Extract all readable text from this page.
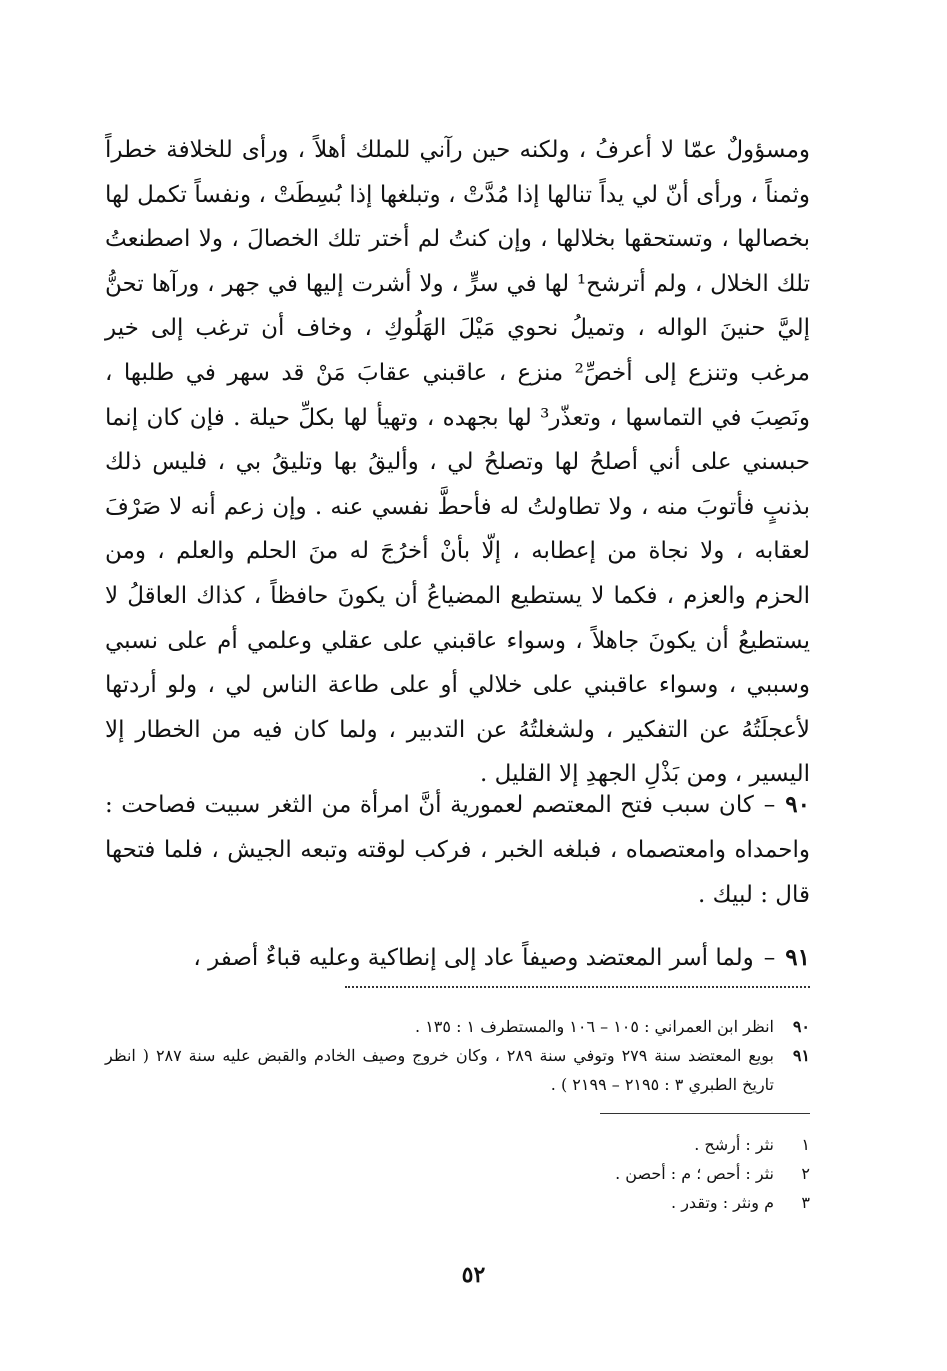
ومسؤولٌ عمّا لا أعرفُ ، ولكنه حين رآني للملك أهلاً ، ورأى للخلافة خطراً وثمناً ، ورأى أنّ لي يداً تنالها إذا مُدَّتْ ، وتبلغها إذا بُسِطَتْ ، ونفساً تكمل لها بخصالها ، وتستحقها بخلالها ، وإن كنتُ لم أختر تلك الخصالَ ، ولا اصطنعتُ تلك الخلال ، ولم أترشح¹ لها في سرٍّ ، ولا أشرت إليها في جهر ، ورآها تحنُّ إليَّ حنينَ الواله ، وتميلُ نحوي مَيْلَ الهَلُوكِ ، وخاف أن ترغب إلى خير مرغب وتنزع إلى أخصِّ² منزع ، عاقبني عقابَ مَنْ قد سهر في طلبها ، ونَصِبَ في التماسها ، وتعذّر³ لها بجهده ، وتهيأ لها بكلِّ حيلة . فإن كان إنما حبسني على أني أصلحُ لها وتصلحُ لي ، وأليقُ بها وتليقُ بي ، فليس ذلك بذنبٍ فأتوبَ منه ، ولا تطاولتُ له فأحطَّ نفسي عنه . وإن زعم أنه لا صَرْفَ لعقابه ، ولا نجاة من إعطابه ، إلّا بأنْ أخرُجَ له منَ الحلم والعلم ، ومن الحزم والعزم ، فكما لا يستطيع المضياعُ أن يكونَ حافظاً ، كذاك العاقلُ لا يستطيعُ أن يكونَ جاهلاً ، وسواء عاقبني على عقلي وعلمي أم على نسبي وسببي ، وسواء عاقبني على خلالي أو على طاعة الناس لي ، ولو أردتها لأعجلَتُهُ عن التفكير ، ولشغلتُهُ عن التدبير ، ولما كان فيه من الخطار إلا اليسير ، ومن بَذْلِ الجهدِ إلا القليل .

٩٠–كان سبب فتح المعتصم لعمورية أنَّ امرأة من الثغر سبيت فصاحت : واحمداه وامعتصماه ، فبلغه الخبر ، فركب لوقته وتبعه الجيش ، فلما فتحها قال : لبيك .

٩١–ولما أسر المعتضد وصيفاً عاد إلى إنطاكية وعليه قباءٌ أصفر ،

٩٠
انظر ابن العمراني : ١٠٥ – ١٠٦ والمستطرف ١ : ١٣٥ .
٩١
بويع المعتضد سنة ٢٧٩ وتوفي سنة ٢٨٩ ، وكان خروج وصيف الخادم والقبض عليه سنة ٢٨٧ ( انظر تاريخ الطبري ٣ : ٢١٩٥ – ٢١٩٩ ) .
١
نثر : أرشح .
٢
نثر : أحص ؛ م : أحصن .
٣
م ونثر : وتقدر .
٥٢
